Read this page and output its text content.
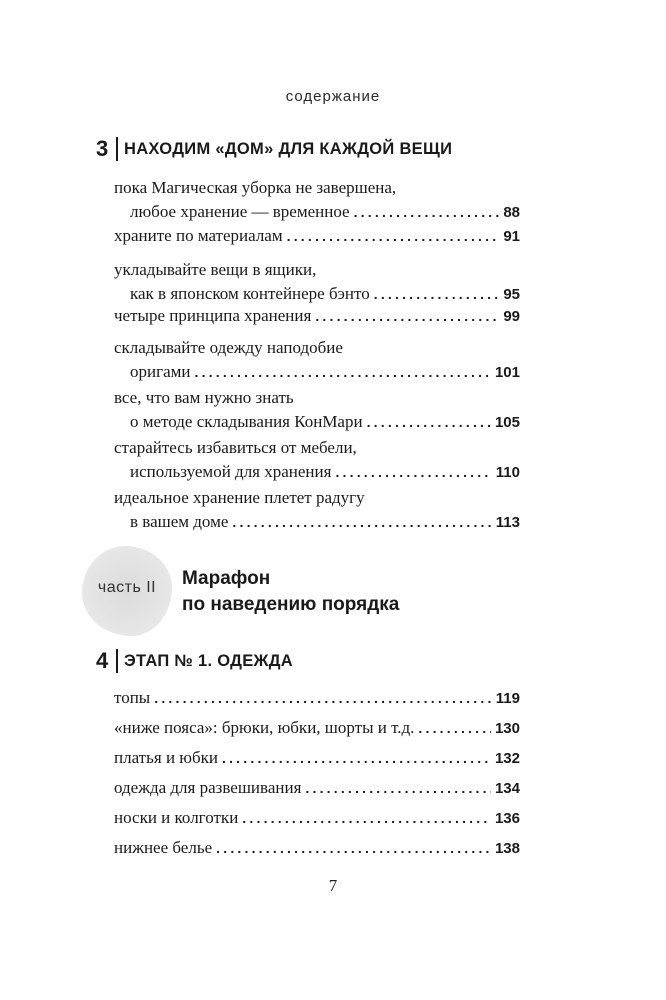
содержание
3 НАХОДИМ «ДОМ» ДЛЯ КАЖДОЙ ВЕЩИ
пока Магическая уборка не завершена,
любое хранение — временное .....	88
храните по материалам .....	91
укладывайте вещи в ящики,
как в японском контейнере бэнто .....	95
четыре принципа хранения .....	99
складывайте одежду наподобие
оригами .....	101
все, что вам нужно знать
о методе складывания КонМари .....	105
старайтесь избавиться от мебели,
используемой для хранения .....	110
идеальное хранение плетет радугу
в вашем доме .....	113
часть II Марафон
по наведению порядка
4 ЭТАП № 1. ОДЕЖДА
топы .....	119
«ниже пояса»: брюки, юбки, шорты и т.д. .....	130
платья и юбки .....	132
одежда для развешивания .....	134
носки и колготки .....	136
нижнее белье .....	138
7
